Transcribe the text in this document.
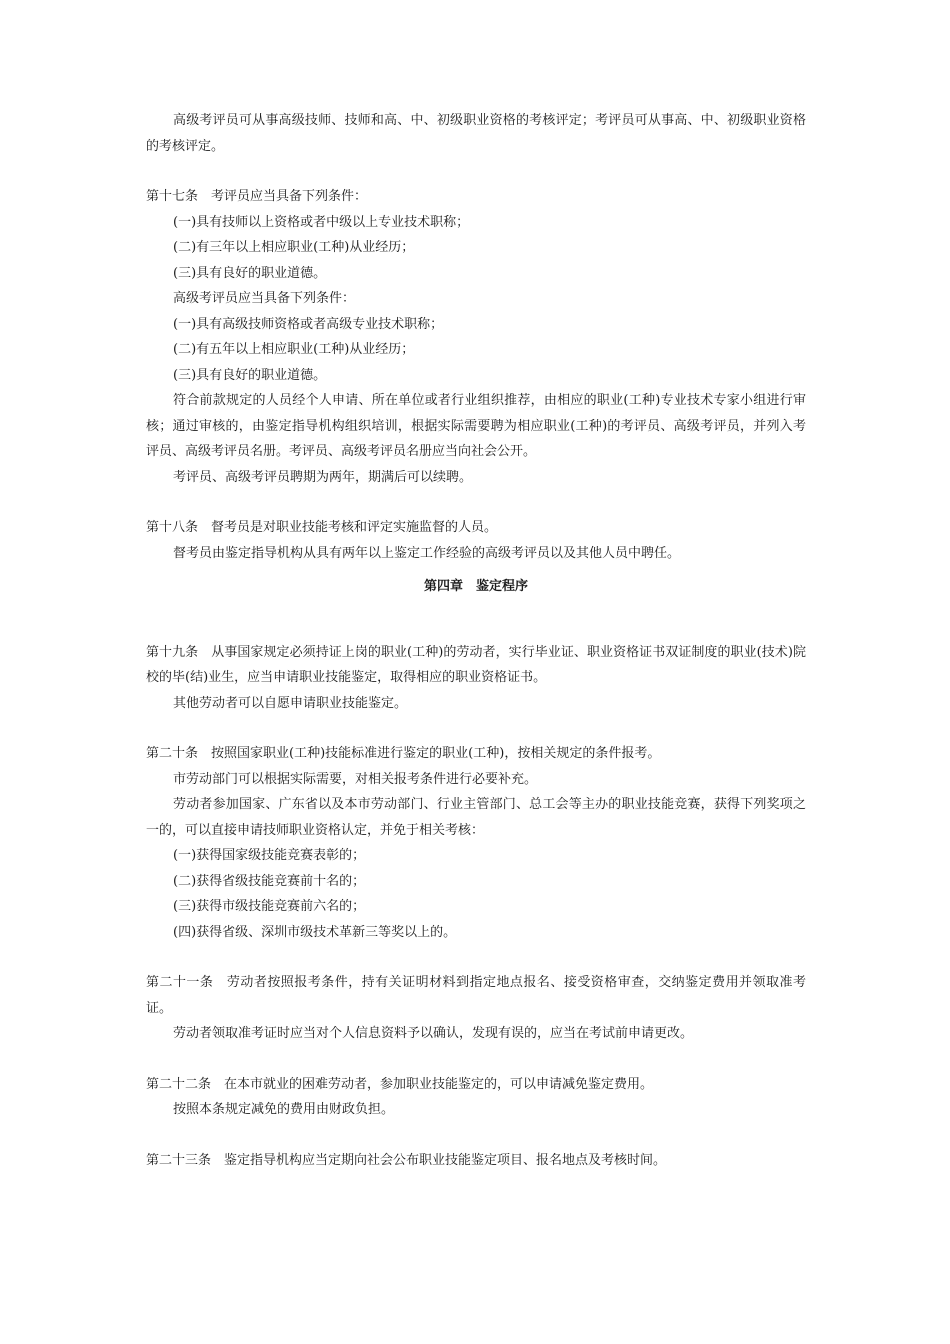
高级考评员可从事高级技师、技师和高、中、初级职业资格的考核评定；考评员可从事高、中、初级职业资格的考核评定。

第十七条　 考评员应当具备下列条件：

(一)具有技师以上资格或者中级以上专业技术职称；

(二)有三年以上相应职业(工种)从业经历；

(三)具有良好的职业道德。

高级考评员应当具备下列条件：

(一)具有高级技师资格或者高级专业技术职称；

(二)有五年以上相应职业(工种)从业经历；

(三)具有良好的职业道德。

符合前款规定的人员经个人申请、所在单位或者行业组织推荐，由相应的职业(工种)专业技术专家小组进行审核；通过审核的，由鉴定指导机构组织培训，根据实际需要聘为相应职业(工种)的考评员、高级考评员，并列入考评员、高级考评员名册。考评员、高级考评员名册应当向社会公开。

考评员、高级考评员聘期为两年，期满后可以续聘。

第十八条　 督考员是对职业技能考核和评定实施监督的人员。

督考员由鉴定指导机构从具有两年以上鉴定工作经验的高级考评员以及其他人员中聘任。

第四章　鉴定程序

第十九条　 从事国家规定必须持证上岗的职业(工种)的劳动者，实行毕业证、职业资格证书双证制度的职业(技术)院校的毕(结)业生，应当申请职业技能鉴定，取得相应的职业资格证书。

其他劳动者可以自愿申请职业技能鉴定。

第二十条　 按照国家职业(工种)技能标准进行鉴定的职业(工种)，按相关规定的条件报考。

市劳动部门可以根据实际需要，对相关报考条件进行必要补充。

劳动者参加国家、广东省以及本市劳动部门、行业主管部门、总工会等主办的职业技能竞赛，获得下列奖项之一的，可以直接申请技师职业资格认定，并免于相关考核：

(一)获得国家级技能竞赛表彰的；

(二)获得省级技能竞赛前十名的；

(三)获得市级技能竞赛前六名的；

(四)获得省级、深圳市级技术革新三等奖以上的。

第二十一条　 劳动者按照报考条件，持有关证明材料到指定地点报名、接受资格审查，交纳鉴定费用并领取准考证。

劳动者领取准考证时应当对个人信息资料予以确认，发现有误的，应当在考试前申请更改。

第二十二条　 在本市就业的困难劳动者，参加职业技能鉴定的，可以申请减免鉴定费用。

按照本条规定减免的费用由财政负担。

第二十三条　 鉴定指导机构应当定期向社会公布职业技能鉴定项目、报名地点及考核时间。
